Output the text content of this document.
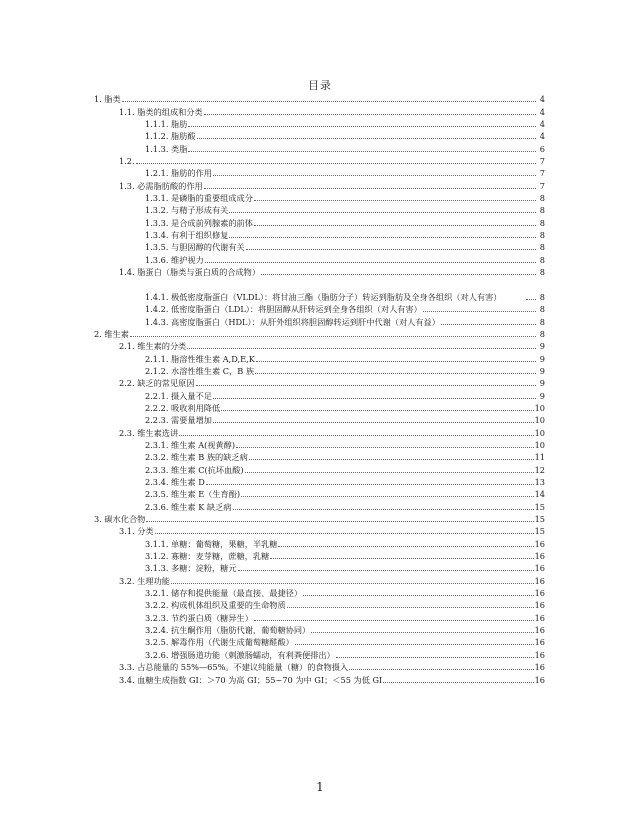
目录
1. 脂类	4
1.1. 脂类的组成和分类	4
1.1.1. 脂肪	4
1.1.2. 脂肪酸	4
1.1.3. 类脂	6
1.2.	7
1.2.1. 脂肪的作用	7
1.3. 必需脂肪酸的作用	7
1.3.1. 是磷脂的重要组成成分	8
1.3.2. 与精子形成有关	8
1.3.3. 是合成前列腺素的前体	8
1.3.4. 有利于组织修复	8
1.3.5. 与胆固醇的代谢有关	8
1.3.6. 维护视力	8
1.4. 脂蛋白（脂类与蛋白质的合成物）	8
1.4.1. 极低密度脂蛋白（VLDL）：将甘油三酯（脂肪分子）转运到脂肪及全身各组织（对人有害）	8
1.4.2. 低密度脂蛋白（LDL）：将胆固醇从肝转运到全身各组织（对人有害）	8
1.4.3. 高密度脂蛋白（HDL）：从肝外组织将胆固醇转运到肝中代谢（对人有益）	8
2. 维生素	8
2.1. 维生素的分类	9
2.1.1. 脂溶性维生素 A,D,E,K	9
2.1.2. 水溶性维生素 C，B 族	9
2.2. 缺乏的常见原因	9
2.2.1. 摄入量不足	9
2.2.2. 吸收利用降低	10
2.2.3. 需要量增加	10
2.3. 维生素选讲	10
2.3.1. 维生素 A(视黄醇)	10
2.3.2. 维生素 B 族的缺乏病	11
2.3.3. 维生素 C(抗坏血酸)	12
2.3.4. 维生素 D	13
2.3.5. 维生素 E（生育酚)	14
2.3.6. 维生素 K 缺乏病	15
3. 碳水化合物	15
3.1. 分类	15
3.1.1. 单糖：葡萄糖，果糖，半乳糖	16
3.1.2. 寡糖：麦芽糖，蔗糖，乳糖	16
3.1.3. 多糖：淀粉，糖元	16
3.2. 生理功能	16
3.2.1. 储存和提供能量（最直接、最捷径）	16
3.2.2. 构成机体组织及重要的生命物质	16
3.2.3. 节约蛋白质（糖异生）	16
3.2.4. 抗生酮作用（脂肪代谢，葡萄糖协同）	16
3.2.5. 解毒作用（代谢生成葡萄糖醛酸）	16
3.2.6. 增强肠道功能（刺激肠蠕动，有利粪便排出）	16
3.3. 占总能量的 55%—65%。不建议纯能量（糖）的食物摄入	16
3.4. 血糖生成指数 GI：＞70 为高 GI；55~70 为中 GI；＜55 为低 GI	16
1
